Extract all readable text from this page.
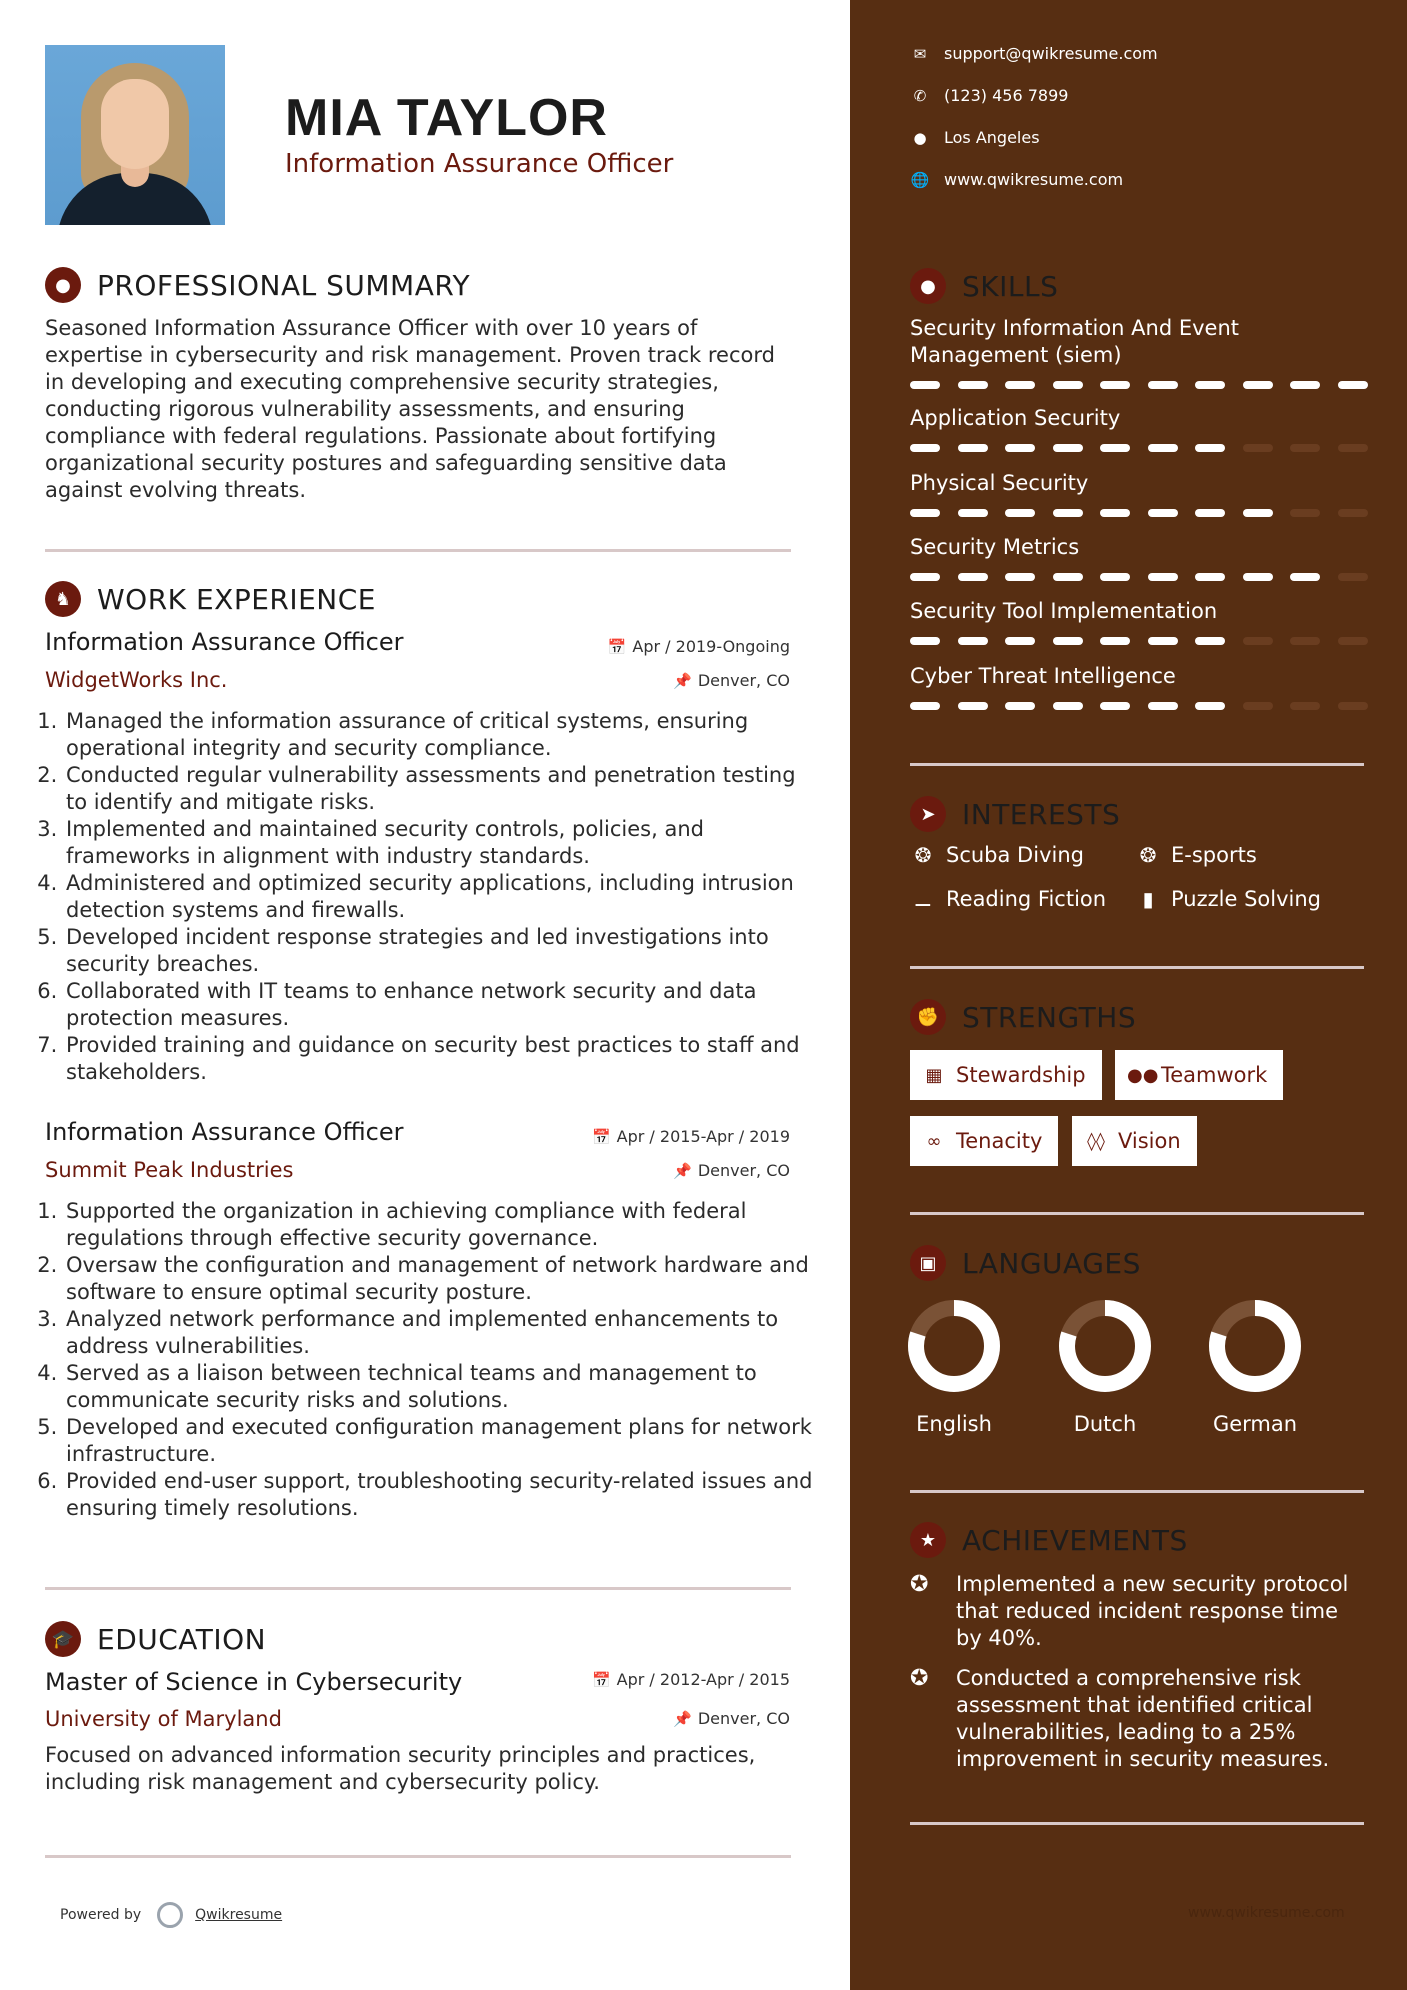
MIA TAYLOR
Information Assurance Officer
● PROFESSIONAL SUMMARY

Seasoned Information Assurance Officer with over 10 years of expertise in cybersecurity and risk management. Proven track record in developing and executing comprehensive security strategies, conducting rigorous vulnerability assessments, and ensuring compliance with federal regulations. Passionate about fortifying organizational security postures and safeguarding sensitive data against evolving threats.

♞ WORK EXPERIENCE
Information Assurance Officer	📅 Apr / 2019-Ongoing
WidgetWorks Inc.	📌 Denver, CO
1. Managed the information assurance of critical systems, ensuring operational integrity and security compliance.
2. Conducted regular vulnerability assessments and penetration testing to identify and mitigate risks.
3. Implemented and maintained security controls, policies, and frameworks in alignment with industry standards.
4. Administered and optimized security applications, including intrusion detection systems and firewalls.
5. Developed incident response strategies and led investigations into security breaches.
6. Collaborated with IT teams to enhance network security and data protection measures.
7. Provided training and guidance on security best practices to staff and stakeholders.
Information Assurance Officer	📅 Apr / 2015-Apr / 2019
Summit Peak Industries	📌 Denver, CO
1. Supported the organization in achieving compliance with federal regulations through effective security governance.
2. Oversaw the configuration and management of network hardware and software to ensure optimal security posture.
3. Analyzed network performance and implemented enhancements to address vulnerabilities.
4. Served as a liaison between technical teams and management to communicate security risks and solutions.
5. Developed and executed configuration management plans for network infrastructure.
6. Provided end-user support, troubleshooting security-related issues and ensuring timely resolutions.
🎓 EDUCATION
Master of Science in Cybersecurity	📅 Apr / 2012-Apr / 2015
University of Maryland	📌 Denver, CO

Focused on advanced information security principles and practices, including risk management and cybersecurity policy.

Powered by	Qwikresume	www.qwikresume.com
✉ support@qwikresume.com
✆ (123) 456 7899
● Los Angeles
🌐 www.qwikresume.com
● SKILLS
Security Information And Event Management (siem)
Application Security
Physical Security
Security Metrics
Security Tool Implementation
Cyber Threat Intelligence
➤ INTERESTS
❂ Scuba Diving	❂ E-sports
⚊ Reading Fiction	▮ Puzzle Solving
✊ STRENGTHS
▦ Stewardship ●● Teamwork
∞ Tenacity ◊◊ Vision
▣ LANGUAGES
English	Dutch	German
★ ACHIEVEMENTS
✪	Implemented a new security protocol that reduced incident response time by 40%.
✪	Conducted a comprehensive risk assessment that identified critical vulnerabilities, leading to a 25% improvement in security measures.
